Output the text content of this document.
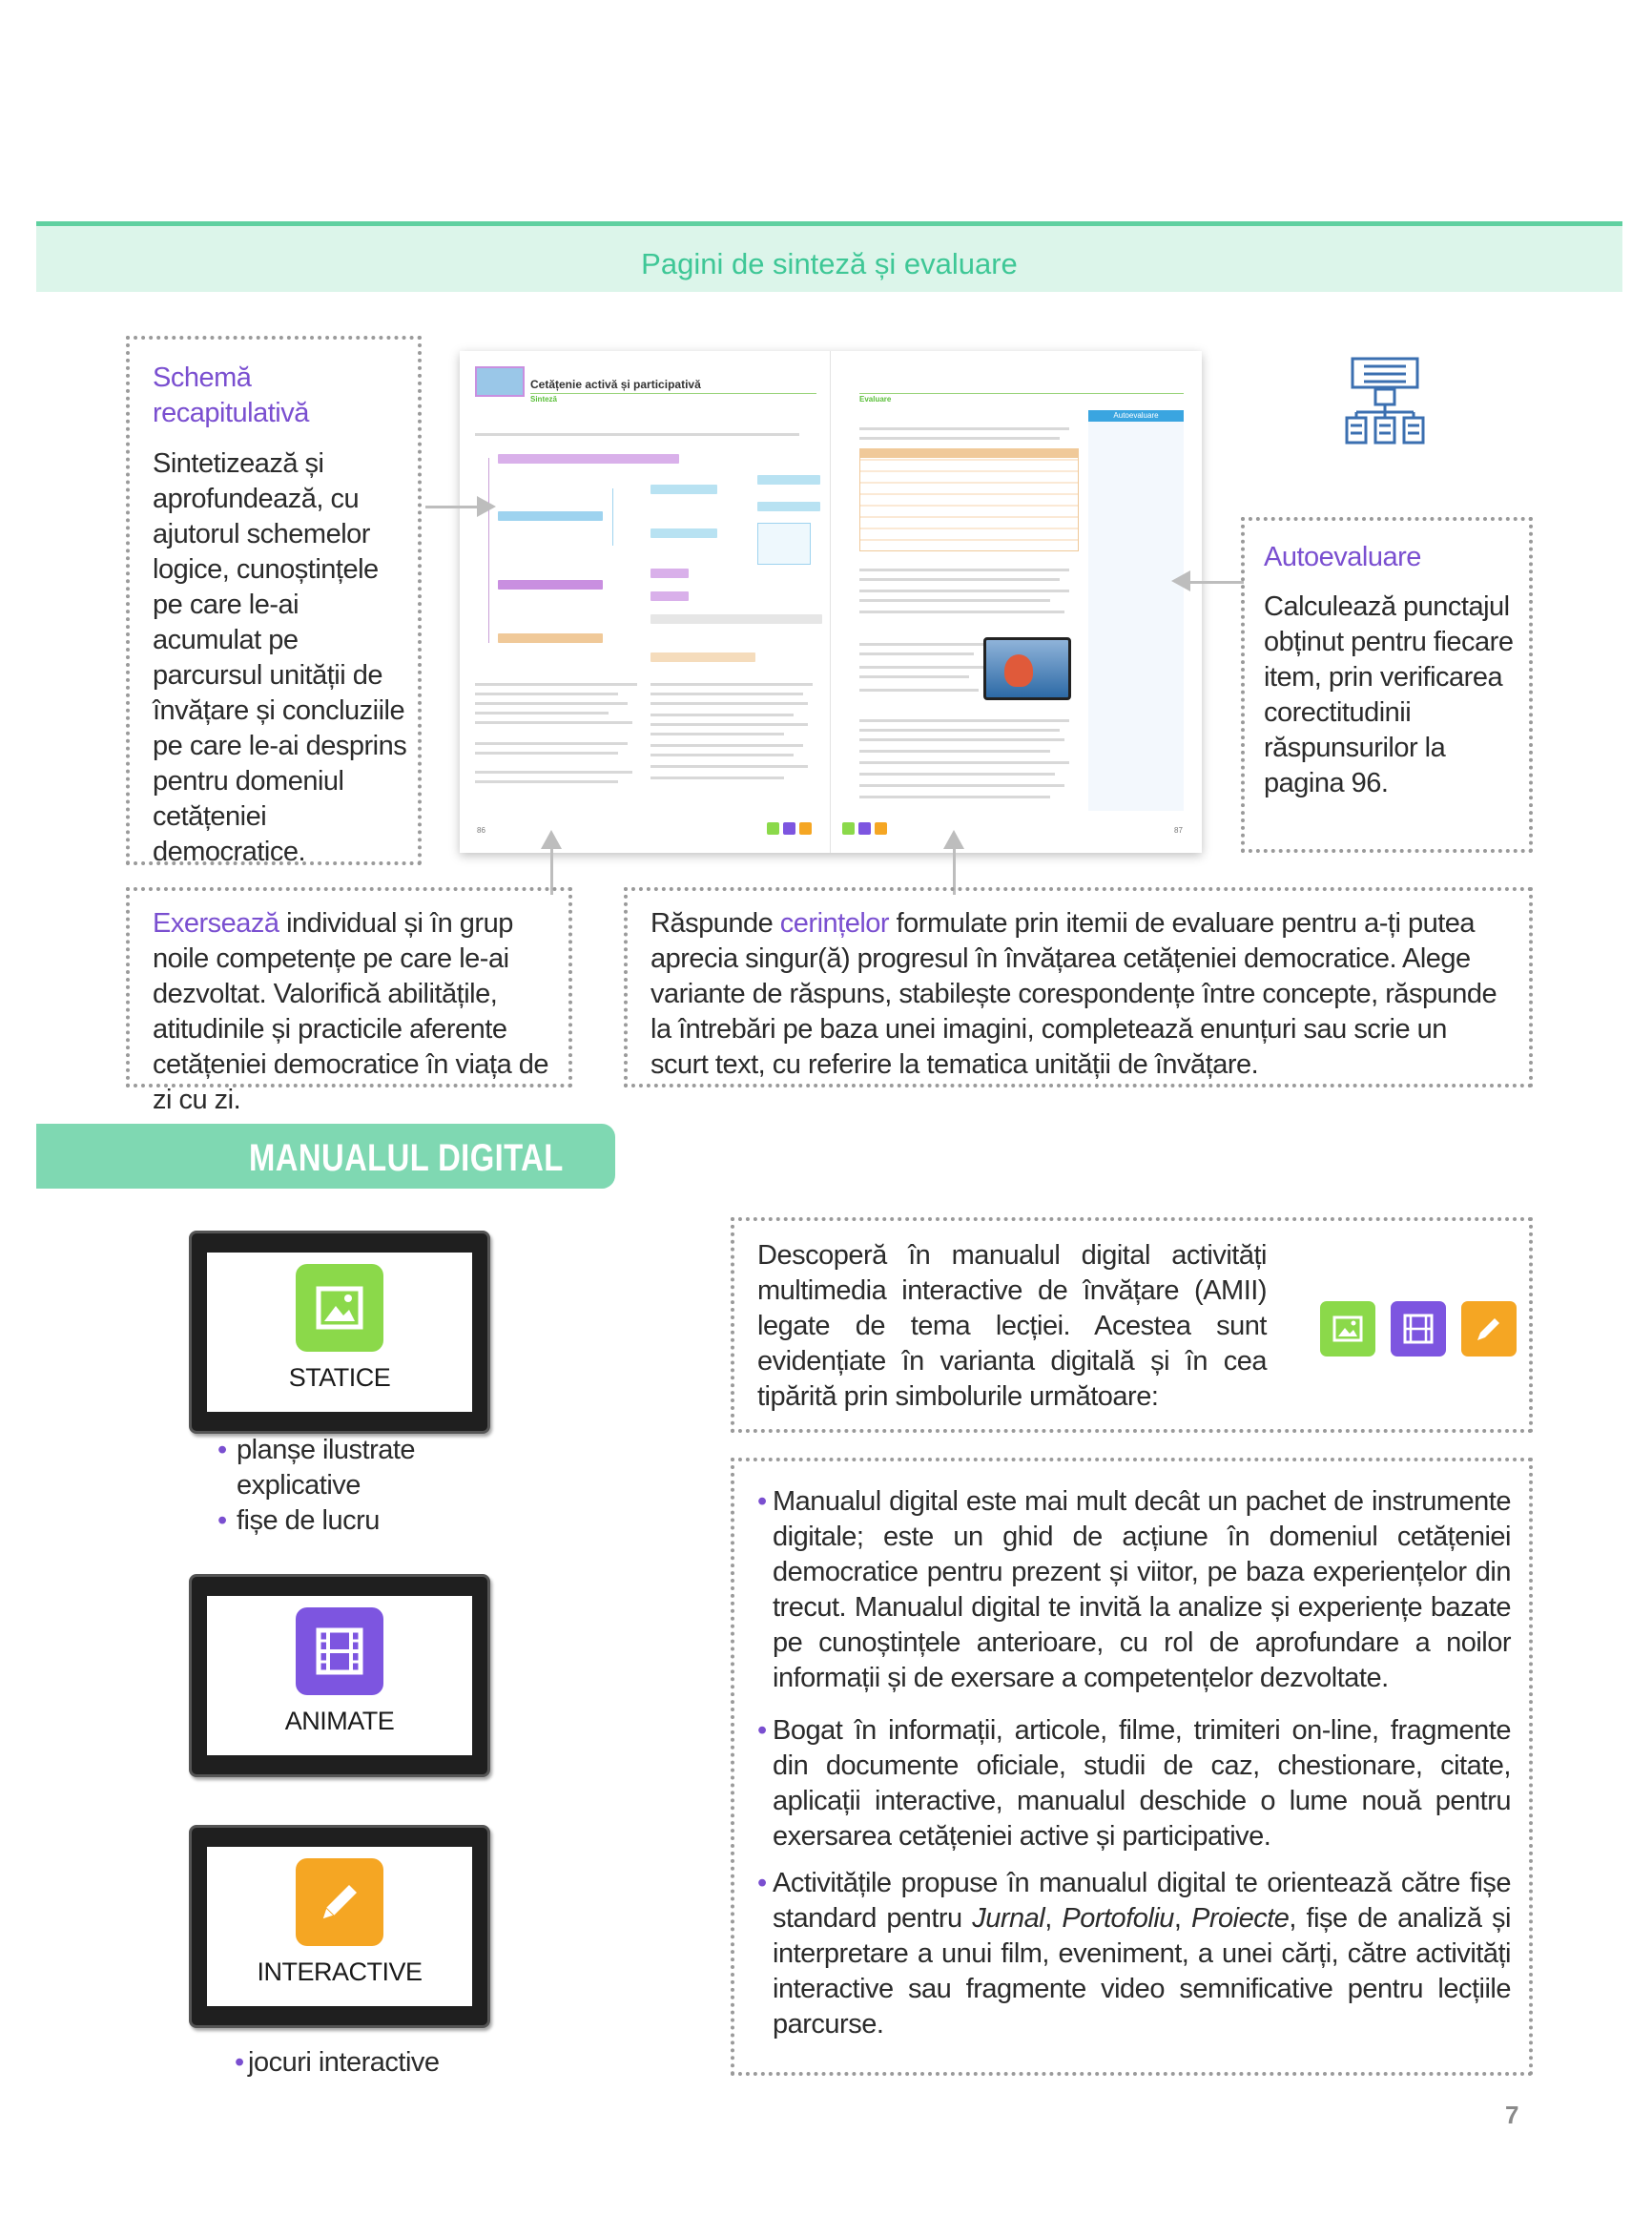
Pagini de sinteză și evaluare
Schemă recapitulativă
Sintetizează și aprofundează, cu ajutorul schemelor logice, cunoștințele pe care le-ai acumulat pe parcursul unității de învățare și concluziile pe care le-ai desprins pentru domeniul cetățeniei democratice.
Cetățenie activă și participativă
Sinteză
86
Evaluare
Autoevaluare
87
Autoevaluare
Calculează punctajul obținut pentru fiecare item, prin verificarea corectitudinii răspunsurilor la pagina 96.
Exersează individual și în grup noile competențe pe care le-ai dezvoltat. Valorifică abilitățile, atitudinile și practicile aferente cetățeniei democratice în viața de zi cu zi.
Răspunde cerințelor formulate prin itemii de evaluare pentru a-ți putea aprecia singur(ă) progresul în învățarea cetățeniei democratice. Alege variante de răspuns, stabilește corespondențe între concepte, răspunde la întrebări pe baza unei imagini, completează enunțuri sau scrie un scurt text, cu referire la tematica unității de învățare.
MANUALUL DIGITAL
STATICE
• planșe ilustrate explicative
• fișe de lucru
ANIMATE
INTERACTIVE
• jocuri interactive
Descoperă în manualul digital activități multimedia interactive de învățare (AMII) legate de tema lecției. Acestea sunt evidențiate în varianta digitală și în cea tipărită prin simbolurile următoare:
• Manualul digital este mai mult decât un pachet de instrumente digitale; este un ghid de acțiune în domeniul cetățeniei democratice pentru prezent și viitor, pe baza experiențelor din trecut. Manualul digital te invită la analize și experiențe bazate pe cunoștințele anterioare, cu rol de aprofundare a noilor informații și de exersare a competențelor dezvoltate.
• Bogat în informații, articole, filme, trimiteri on-line, fragmente din documente oficiale, studii de caz, chestionare, citate, aplicații interactive, manualul deschide o lume nouă pentru exersarea cetățeniei active și participative.
• Activitățile propuse în manualul digital te orientează către fișe standard pentru Jurnal, Portofoliu, Proiecte, fișe de analiză și interpretare a unui film, eveniment, a unei cărți, către activități interactive sau fragmente video semnificative pentru lecțiile parcurse.
7
